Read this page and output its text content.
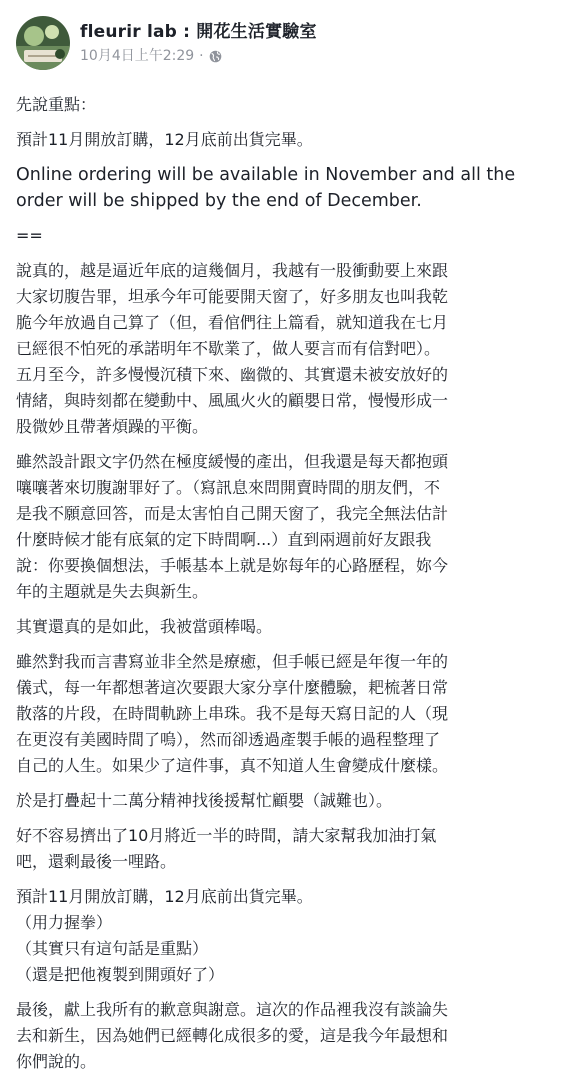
fleurir lab : 開花生活實驗室
10月4日上午2:29 ·
先說重點：
預計11月開放訂購，12月底前出貨完畢。
Online ordering will be available in November and all the
order will be shipped by the end of December.
==
說真的，越是逼近年底的這幾個月，我越有一股衝動要上來跟
大家切腹告罪，坦承今年可能要開天窗了，好多朋友也叫我乾
脆今年放過自己算了（但，看倌們往上篇看，就知道我在七月
已經很不怕死的承諾明年不歇業了，做人要言而有信對吧）。
五月至今，許多慢慢沉積下來、幽微的、其實還未被安放好的
情緒，與時刻都在變動中、風風火火的顧嬰日常，慢慢形成一
股微妙且帶著煩躁的平衡。
雖然設計跟文字仍然在極度緩慢的產出，但我還是每天都抱頭
嚷嚷著來切腹謝罪好了。（寫訊息來問開賣時間的朋友們，不
是我不願意回答，而是太害怕自己開天窗了，我完全無法估計
什麼時候才能有底氣的定下時間啊...）直到兩週前好友跟我
說：你要換個想法，手帳基本上就是妳每年的心路歷程，妳今
年的主題就是失去與新生。
其實還真的是如此，我被當頭棒喝。
雖然對我而言書寫並非全然是療癒，但手帳已經是年復一年的
儀式，每一年都想著這次要跟大家分享什麼體驗，耙梳著日常
散落的片段，在時間軌跡上串珠。我不是每天寫日記的人（現
在更沒有美國時間了嗚），然而卻透過產製手帳的過程整理了
自己的人生。如果少了這件事，真不知道人生會變成什麼樣。
於是打疊起十二萬分精神找後援幫忙顧嬰（誠難也）。
好不容易擠出了10月將近一半的時間，請大家幫我加油打氣
吧，還剩最後一哩路。
預計11月開放訂購，12月底前出貨完畢。
（用力握拳）
（其實只有這句話是重點）
（還是把他複製到開頭好了）
最後，獻上我所有的歉意與謝意。這次的作品裡我沒有談論失
去和新生，因為她們已經轉化成很多的愛，這是我今年最想和
你們說的。
